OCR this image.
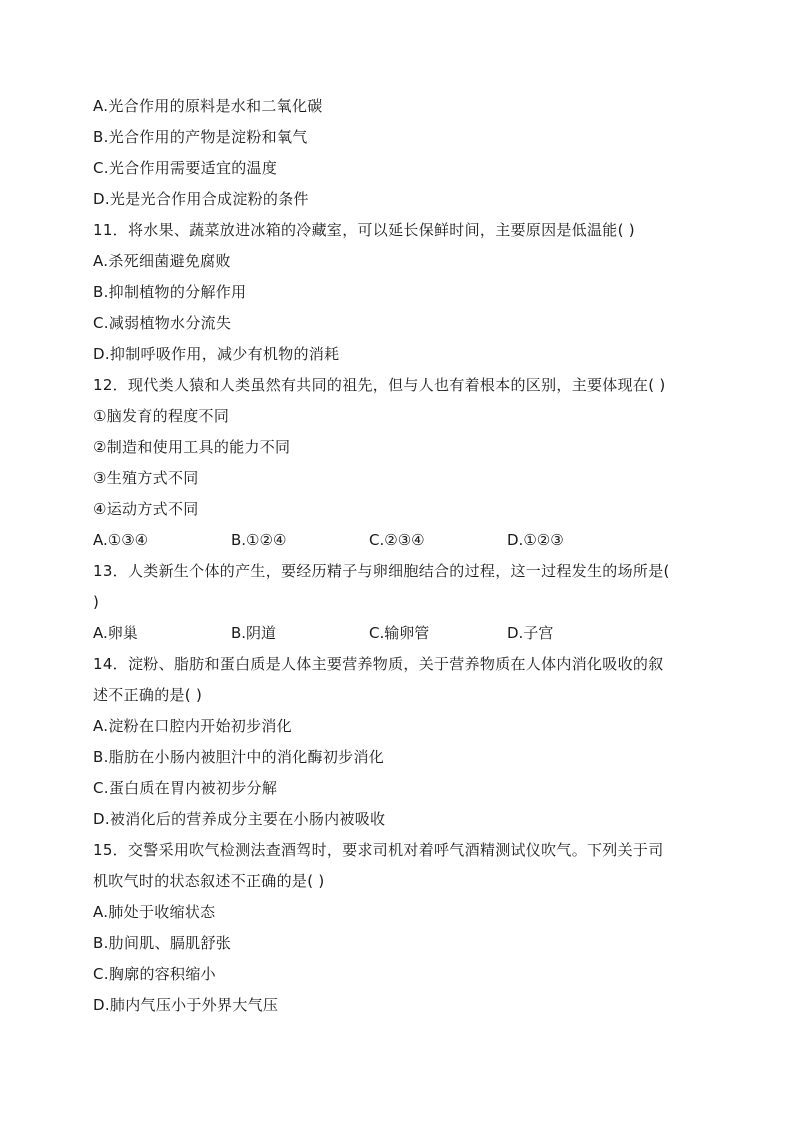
A.光合作用的原料是水和二氧化碳
B.光合作用的产物是淀粉和氧气
C.光合作用需要适宜的温度
D.光是光合作用合成淀粉的条件
11．将水果、蔬菜放进冰箱的冷藏室，可以延长保鲜时间，主要原因是低温能( )
A.杀死细菌避免腐败
B.抑制植物的分解作用
C.减弱植物水分流失
D.抑制呼吸作用，减少有机物的消耗
12．现代类人猿和人类虽然有共同的祖先，但与人也有着根本的区别，主要体现在( )
①脑发育的程度不同
②制造和使用工具的能力不同
③生殖方式不同
④运动方式不同
A.①③④	B.①②④	C.②③④	D.①②③
13．人类新生个体的产生，要经历精子与卵细胞结合的过程，这一过程发生的场所是(
)
A.卵巢	B.阴道	C.输卵管	D.子宫
14．淀粉、脂肪和蛋白质是人体主要营养物质，关于营养物质在人体内消化吸收的叙
述不正确的是( )
A.淀粉在口腔内开始初步消化
B.脂肪在小肠内被胆汁中的消化酶初步消化
C.蛋白质在胃内被初步分解
D.被消化后的营养成分主要在小肠内被吸收
15．交警采用吹气检测法查酒驾时，要求司机对着呼气酒精测试仪吹气。下列关于司
机吹气时的状态叙述不正确的是( )
A.肺处于收缩状态
B.肋间肌、膈肌舒张
C.胸廓的容积缩小
D.肺内气压小于外界大气压
